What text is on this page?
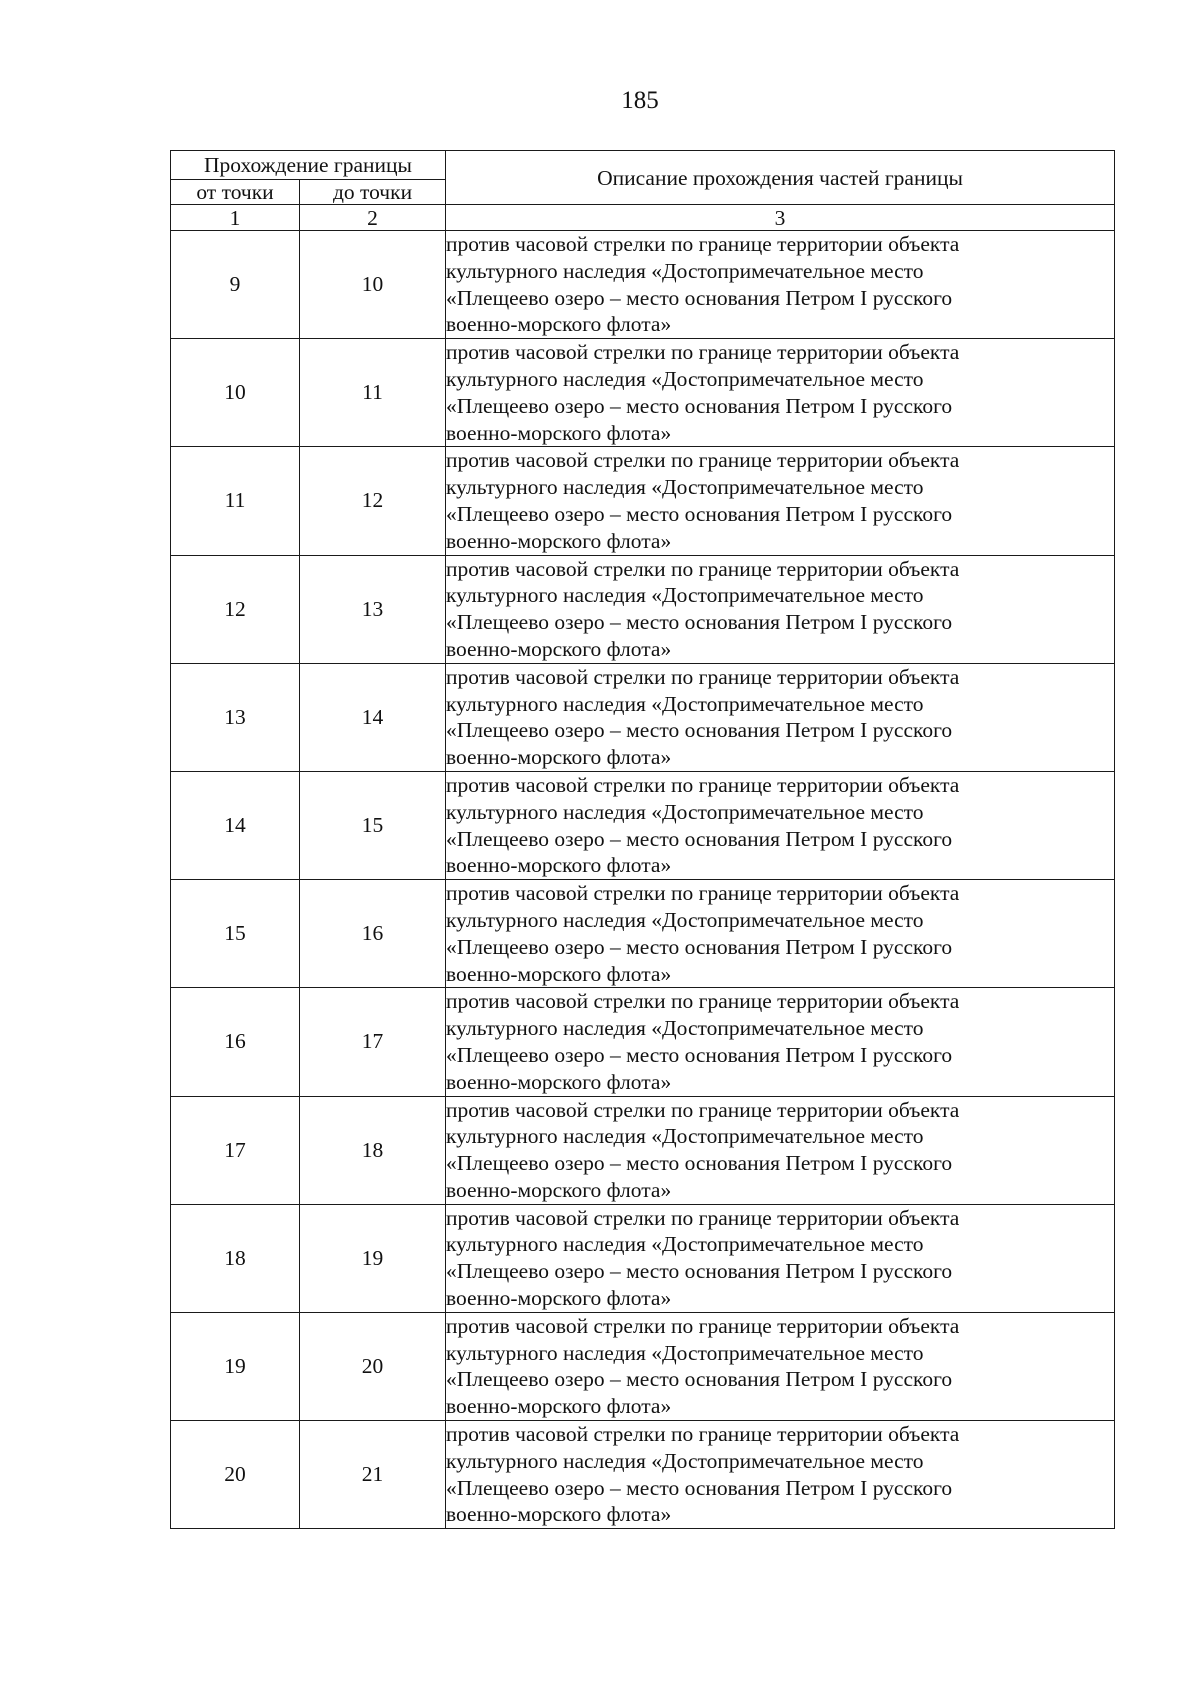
185
Прохождение границы		Описание прохождения частей границы
от точки	до точки	
1	2	3
9	10	против часовой стрелки по границе территории объекта
культурного наследия «Достопримечательное место
«Плещеево озеро – место основания Петром I русского
военно-морского флота»
10	11	против часовой стрелки по границе территории объекта
культурного наследия «Достопримечательное место
«Плещеево озеро – место основания Петром I русского
военно-морского флота»
11	12	против часовой стрелки по границе территории объекта
культурного наследия «Достопримечательное место
«Плещеево озеро – место основания Петром I русского
военно-морского флота»
12	13	против часовой стрелки по границе территории объекта
культурного наследия «Достопримечательное место
«Плещеево озеро – место основания Петром I русского
военно-морского флота»
13	14	против часовой стрелки по границе территории объекта
культурного наследия «Достопримечательное место
«Плещеево озеро – место основания Петром I русского
военно-морского флота»
14	15	против часовой стрелки по границе территории объекта
культурного наследия «Достопримечательное место
«Плещеево озеро – место основания Петром I русского
военно-морского флота»
15	16	против часовой стрелки по границе территории объекта
культурного наследия «Достопримечательное место
«Плещеево озеро – место основания Петром I русского
военно-морского флота»
16	17	против часовой стрелки по границе территории объекта
культурного наследия «Достопримечательное место
«Плещеево озеро – место основания Петром I русского
военно-морского флота»
17	18	против часовой стрелки по границе территории объекта
культурного наследия «Достопримечательное место
«Плещеево озеро – место основания Петром I русского
военно-морского флота»
18	19	против часовой стрелки по границе территории объекта
культурного наследия «Достопримечательное место
«Плещеево озеро – место основания Петром I русского
военно-морского флота»
19	20	против часовой стрелки по границе территории объекта
культурного наследия «Достопримечательное место
«Плещеево озеро – место основания Петром I русского
военно-морского флота»
20	21	против часовой стрелки по границе территории объекта
культурного наследия «Достопримечательное место
«Плещеево озеро – место основания Петром I русского
военно-морского флота»
